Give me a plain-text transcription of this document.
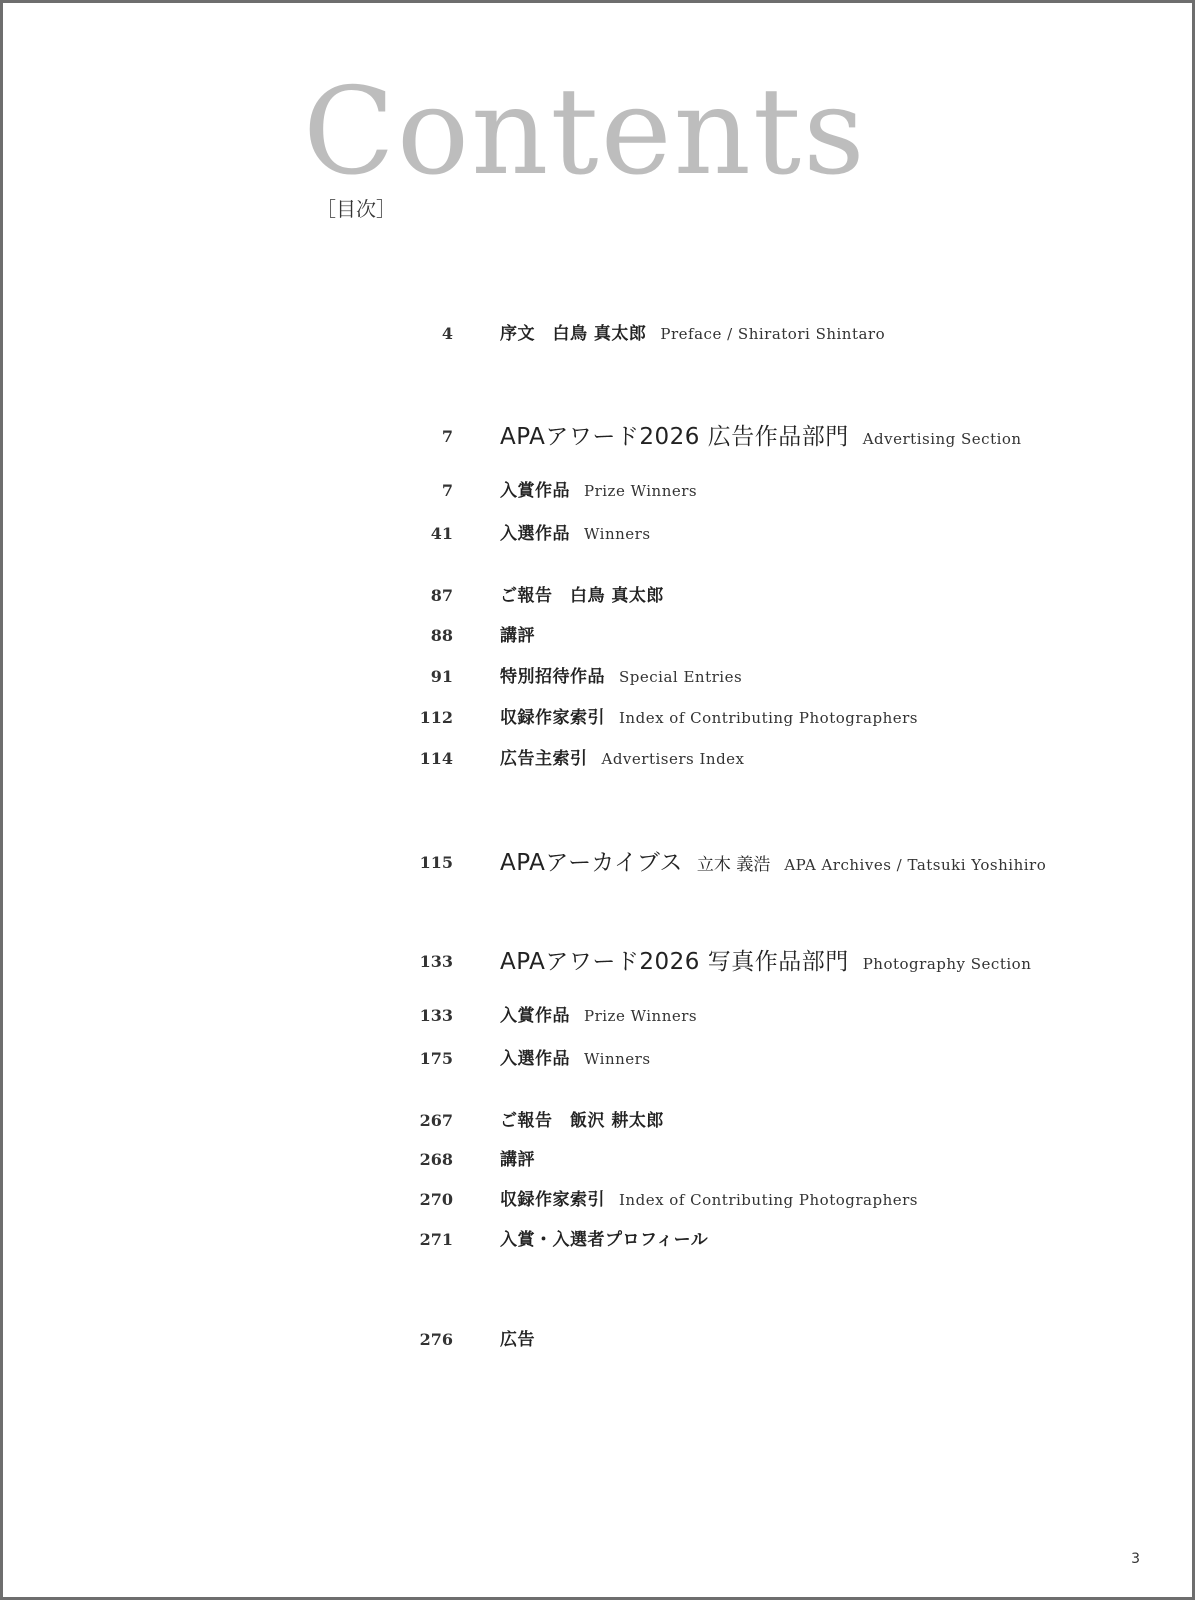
Contents
［目次］
4	序文　白鳥 真太郎 Preface / Shiratori Shintaro
7 APAアワード2026 広告作品部門 Advertising Section
7	入賞作品 Prize Winners
41	入選作品 Winners
87	ご報告　白鳥 真太郎
88	講評
91	特別招待作品 Special Entries
112	収録作家索引 Index of Contributing Photographers
114	広告主索引 Advertisers Index
115 APAアーカイブス 立木 義浩 APA Archives / Tatsuki Yoshihiro
133 APAアワード2026 写真作品部門 Photography Section
133	入賞作品 Prize Winners
175	入選作品 Winners
267	ご報告　飯沢 耕太郎
268	講評
270	収録作家索引 Index of Contributing Photographers
271	入賞・入選者プロフィール
276	広告
3
